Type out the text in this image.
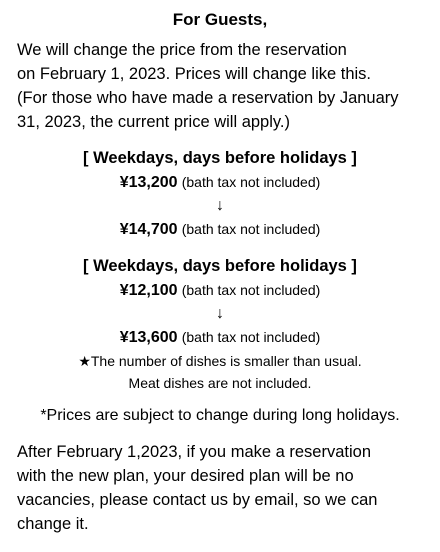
For Guests,
We will change the price from the reservation
on February 1, 2023. Prices will change like this.
(For those who have made a reservation by January
31, 2023, the current price will apply.)
[ Weekdays, days before holidays ]
¥13,200 (bath tax not included)
↓
¥14,700 (bath tax not included)
[ Weekdays, days before holidays ]
¥12,100 (bath tax not included)
↓
¥13,600 (bath tax not included)
★The number of dishes is smaller than usual.
Meat dishes are not included.
*Prices are subject to change during long holidays.
After February 1,2023, if you make a reservation
with the new plan, your desired plan will be no
vacancies, please contact us by email, so we can
change it.
